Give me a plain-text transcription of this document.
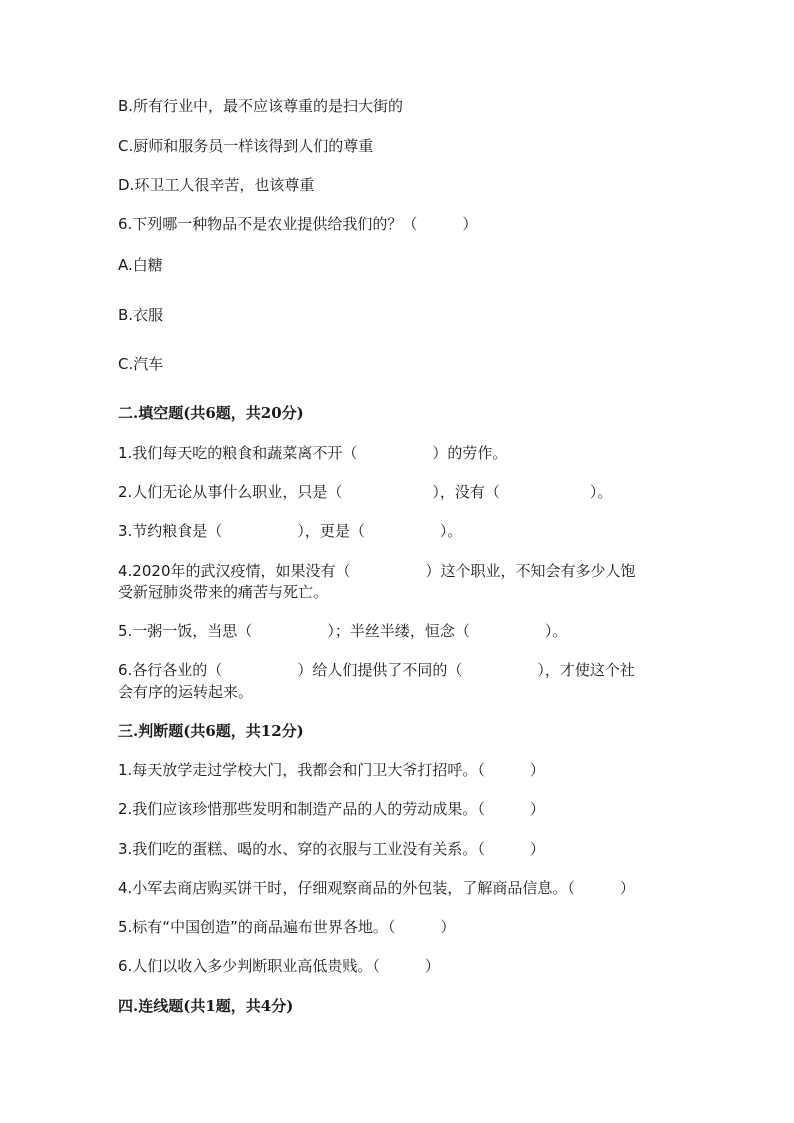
B.所有行业中，最不应该尊重的是扫大街的
C.厨师和服务员一样该得到人们的尊重
D.环卫工人很辛苦，也该尊重
6.下列哪一种物品不是农业提供给我们的？（　　　）
A.白糖
B.衣服
C.汽车
二.填空题(共6题，共20分)
1.我们每天吃的粮食和蔬菜离不开（　　　　　）的劳作。
2.人们无论从事什么职业，只是（　　　　　　），没有（　　　　　　）。
3.节约粮食是（　　　　　），更是（　　　　　）。
4.2020年的武汉疫情，如果没有（　　　　　）这个职业，不知会有多少人饱
受新冠肺炎带来的痛苦与死亡。
5.一粥一饭，当思（　　　　　）；半丝半缕，恒念（　　　　　）。
6.各行各业的（　　　　　）给人们提供了不同的（　　　　　），才使这个社
会有序的运转起来。
三.判断题(共6题，共12分)
1.每天放学走过学校大门，我都会和门卫大爷打招呼。（　　　）
2.我们应该珍惜那些发明和制造产品的人的劳动成果。（　　　）
3.我们吃的蛋糕、喝的水、穿的衣服与工业没有关系。（　　　）
4.小军去商店购买饼干时，仔细观察商品的外包装，了解商品信息。（　　　）
5.标有“中国创造”的商品遍布世界各地。（　　　）
6.人们以收入多少判断职业高低贵贱。（　　　）
四.连线题(共1题，共4分)
